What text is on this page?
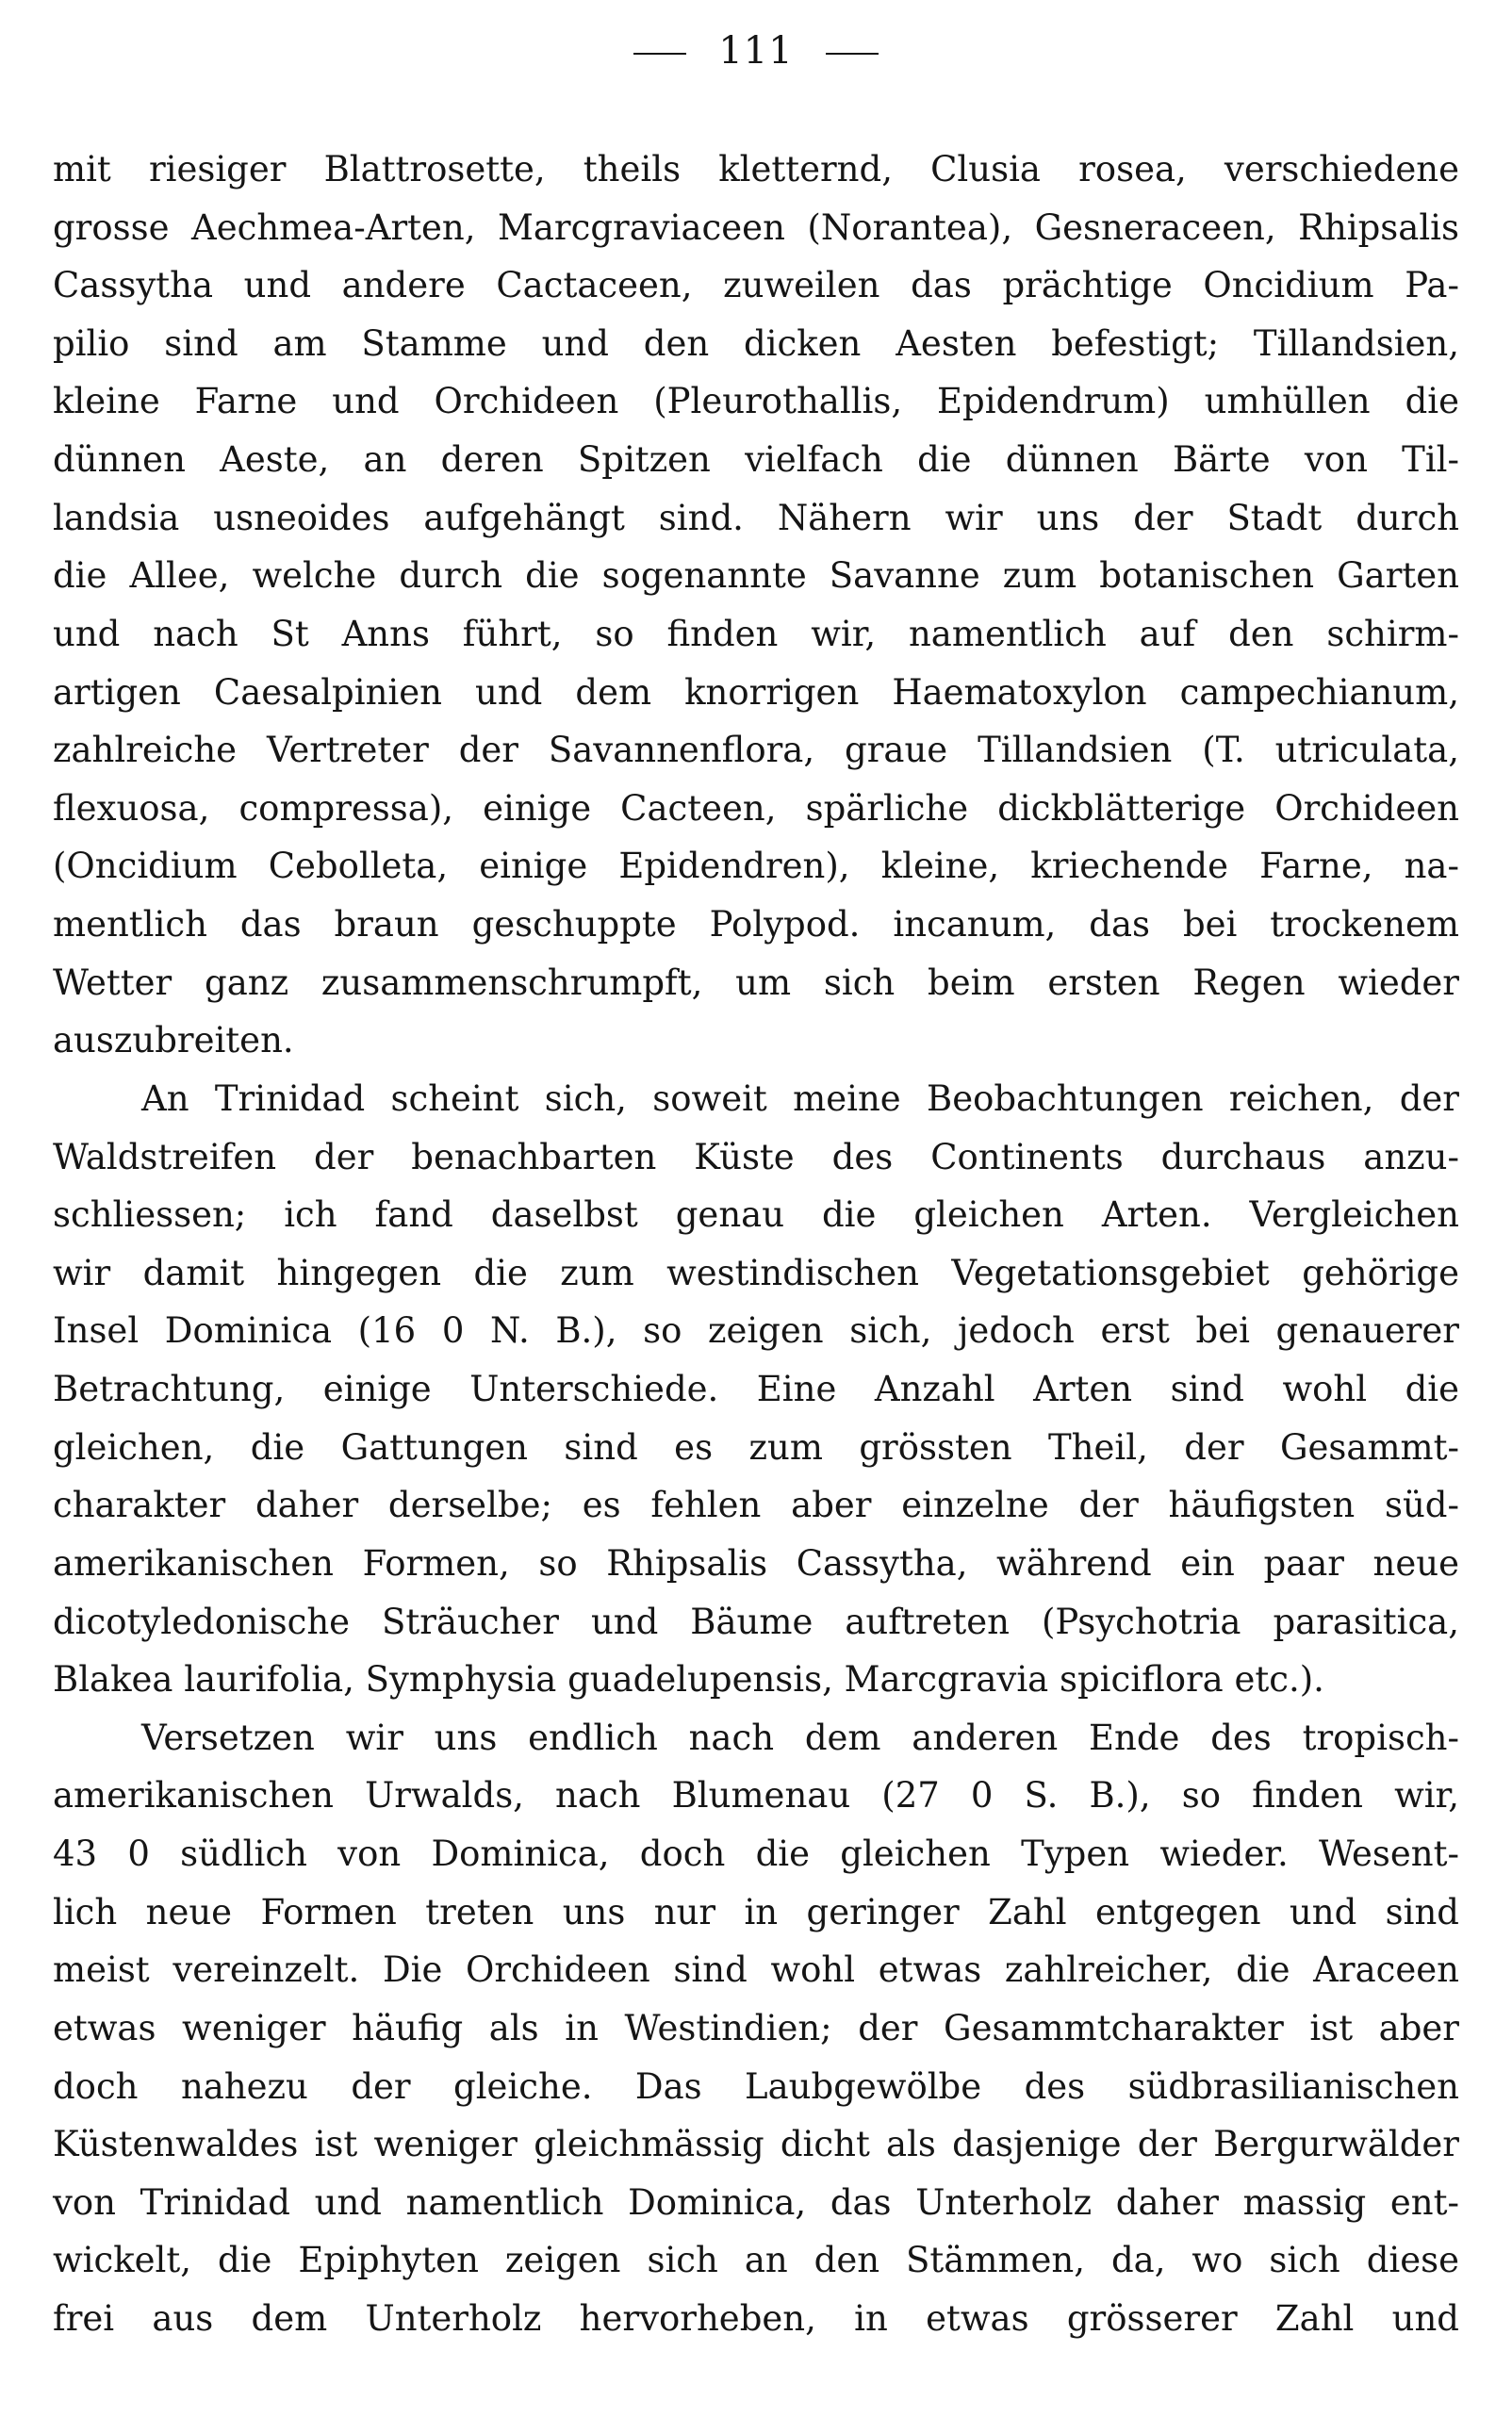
111
mit riesiger Blattrosette, theils kletternd, Clusia rosea, verschiedene
grosse Aechmea-Arten, Marcgraviaceen (Norantea), Gesneraceen, Rhipsalis
Cassytha und andere Cactaceen, zuweilen das prächtige Oncidium Pa-
pilio sind am Stamme und den dicken Aesten befestigt; Tillandsien,
kleine Farne und Orchideen (Pleurothallis, Epidendrum) umhüllen die
dünnen Aeste, an deren Spitzen vielfach die dünnen Bärte von Til-
landsia usneoides aufgehängt sind. Nähern wir uns der Stadt durch
die Allee, welche durch die sogenannte Savanne zum botanischen Garten
und nach St Anns führt, so finden wir, namentlich auf den schirm-
artigen Caesalpinien und dem knorrigen Haematoxylon campechianum,
zahlreiche Vertreter der Savannenflora, graue Tillandsien (T. utriculata,
flexuosa, compressa), einige Cacteen, spärliche dickblätterige Orchideen
(Oncidium Cebolleta, einige Epidendren), kleine, kriechende Farne, na-
mentlich das braun geschuppte Polypod. incanum, das bei trockenem
Wetter ganz zusammenschrumpft, um sich beim ersten Regen wieder
auszubreiten.
An Trinidad scheint sich, soweit meine Beobachtungen reichen, der
Waldstreifen der benachbarten Küste des Continents durchaus anzu-
schliessen; ich fand daselbst genau die gleichen Arten. Vergleichen
wir damit hingegen die zum westindischen Vegetationsgebiet gehörige
Insel Dominica (16 0 N. B.), so zeigen sich, jedoch erst bei genauerer
Betrachtung, einige Unterschiede. Eine Anzahl Arten sind wohl die
gleichen, die Gattungen sind es zum grössten Theil, der Gesammt-
charakter daher derselbe; es fehlen aber einzelne der häufigsten süd-
amerikanischen Formen, so Rhipsalis Cassytha, während ein paar neue
dicotyledonische Sträucher und Bäume auftreten (Psychotria parasitica,
Blakea laurifolia, Symphysia guadelupensis, Marcgravia spiciflora etc.).
Versetzen wir uns endlich nach dem anderen Ende des tropisch-
amerikanischen Urwalds, nach Blumenau (27 0 S. B.), so finden wir,
43 0 südlich von Dominica, doch die gleichen Typen wieder. Wesent-
lich neue Formen treten uns nur in geringer Zahl entgegen und sind
meist vereinzelt. Die Orchideen sind wohl etwas zahlreicher, die Araceen
etwas weniger häufig als in Westindien; der Gesammtcharakter ist aber
doch nahezu der gleiche. Das Laubgewölbe des südbrasilianischen
Küstenwaldes ist weniger gleichmässig dicht als dasjenige der Bergurwälder
von Trinidad und namentlich Dominica, das Unterholz daher massig ent-
wickelt, die Epiphyten zeigen sich an den Stämmen, da, wo sich diese
frei aus dem Unterholz hervorheben, in etwas grösserer Zahl und
